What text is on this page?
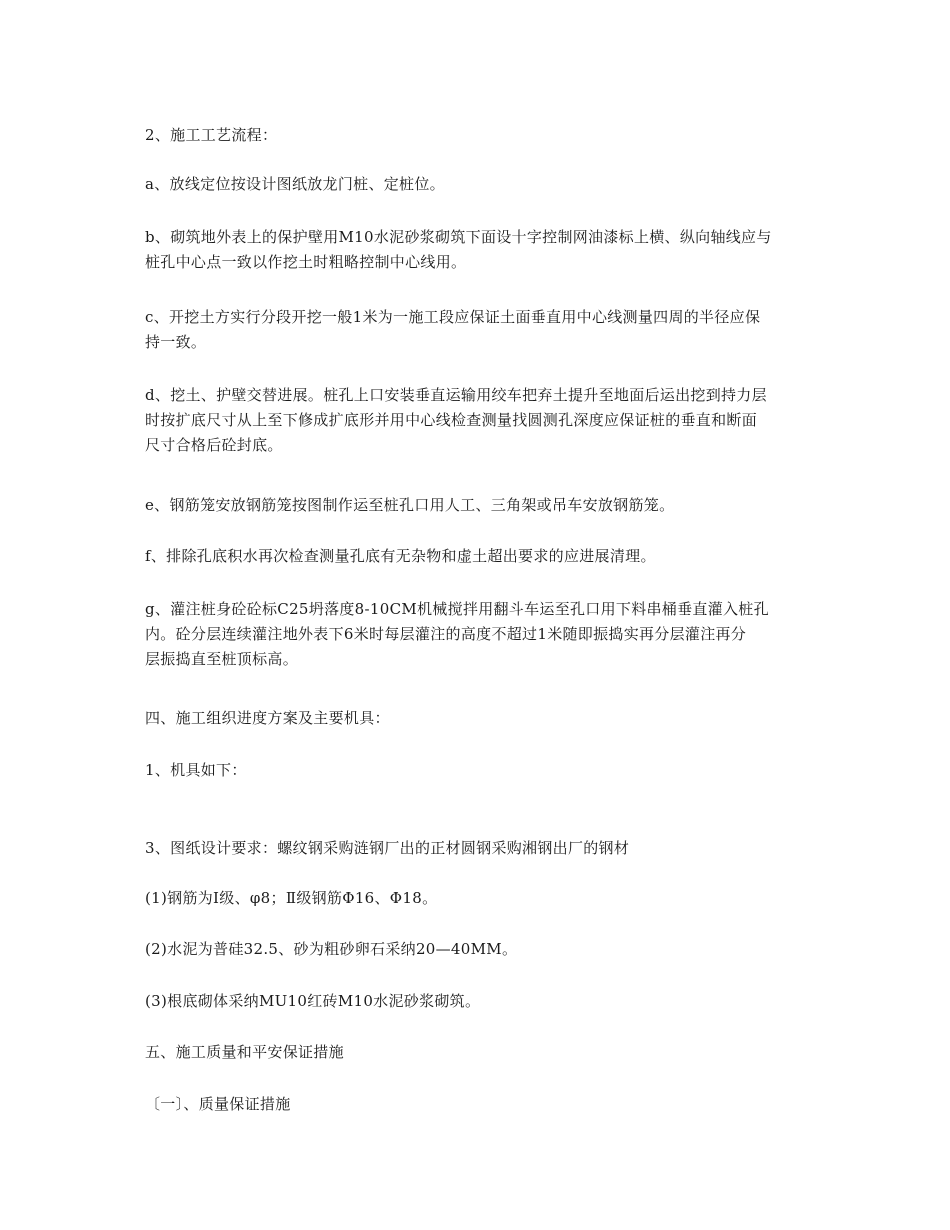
2、施工工艺流程：

a、放线定位按设计图纸放龙门桩、定桩位。

b、砌筑地外表上的保护壁用M10水泥砂浆砌筑下面设十字控制网油漆标上横、纵向轴线应与
桩孔中心点一致以作挖土时粗略控制中心线用。

c、开挖土方实行分段开挖一般1米为一施工段应保证土面垂直用中心线测量四周的半径应保
持一致。

d、挖土、护壁交替进展。桩孔上口安装垂直运输用绞车把弃土提升至地面后运出挖到持力层
时按扩底尺寸从上至下修成扩底形并用中心线检查测量找圆测孔深度应保证桩的垂直和断面
尺寸合格后砼封底。

e、钢筋笼安放钢筋笼按图制作运至桩孔口用人工、三角架或吊车安放钢筋笼。

f、排除孔底积水再次检查测量孔底有无杂物和虚土超出要求的应进展清理。

g、灌注桩身砼砼标C25坍落度8-10CM机械搅拌用翻斗车运至孔口用下料串桶垂直灌入桩孔
内。砼分层连续灌注地外表下6米时每层灌注的高度不超过1米随即振捣实再分层灌注再分
层振捣直至桩顶标高。

四、施工组织进度方案及主要机具：

1、机具如下：

3、图纸设计要求：螺纹钢采购涟钢厂出的正材圆钢采购湘钢出厂的钢材

(1)钢筋为Ⅰ级、φ8；Ⅱ级钢筋Φ16、Φ18。

(2)水泥为普硅32.5、砂为粗砂卵石采纳20—40MM。

(3)根底砌体采纳MU10红砖M10水泥砂浆砌筑。

五、施工质量和平安保证措施

〔一〕、质量保证措施
